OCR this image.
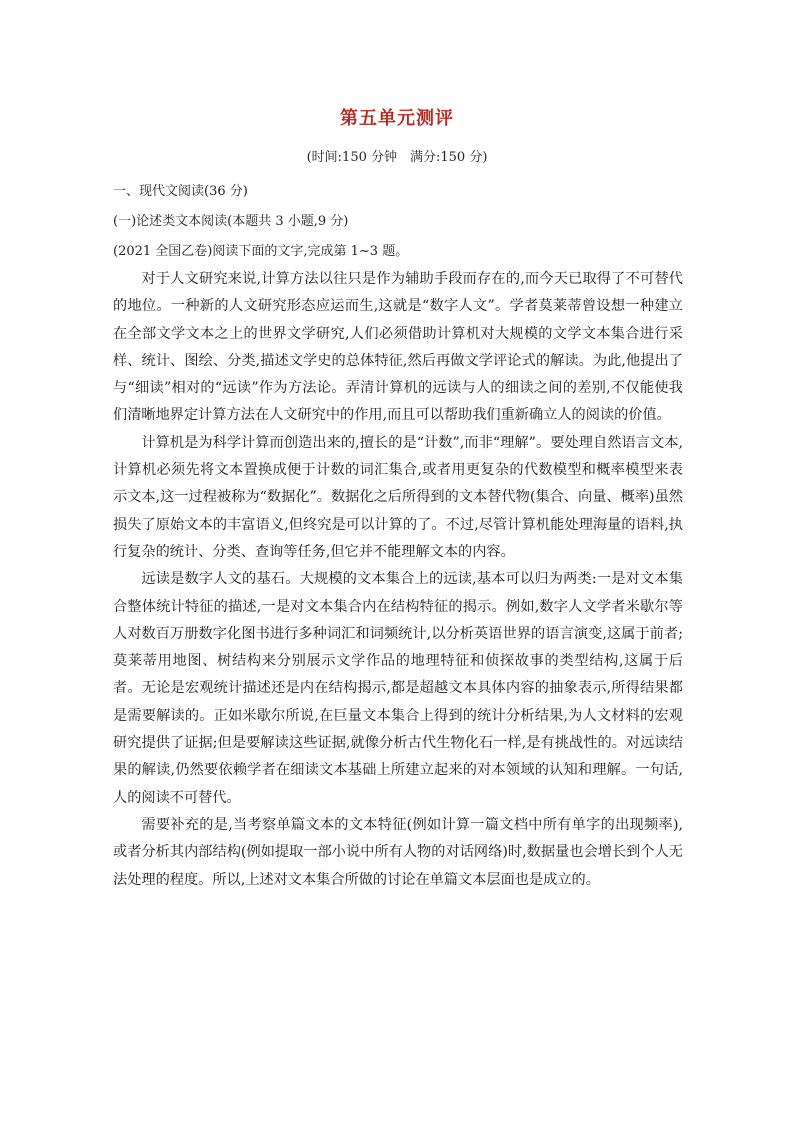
第五单元测评
(时间:150 分钟　满分:150 分)
一、现代文阅读(36 分)
(一)论述类文本阅读(本题共 3 小题,9 分)
(2021 全国乙卷)阅读下面的文字,完成第 1~3 题。

对于人文研究来说,计算方法以往只是作为辅助手段而存在的,而今天已取得了不可替代的地位。一种新的人文研究形态应运而生,这就是“数字人文”。学者莫莱蒂曾设想一种建立在全部文学文本之上的世界文学研究,人们必须借助计算机对大规模的文学文本集合进行采样、统计、图绘、分类,描述文学史的总体特征,然后再做文学评论式的解读。为此,他提出了与“细读”相对的“远读”作为方法论。弄清计算机的远读与人的细读之间的差别,不仅能使我们清晰地界定计算方法在人文研究中的作用,而且可以帮助我们重新确立人的阅读的价值。

计算机是为科学计算而创造出来的,擅长的是“计数”,而非“理解”。要处理自然语言文本,计算机必须先将文本置换成便于计数的词汇集合,或者用更复杂的代数模型和概率模型来表示文本,这一过程被称为“数据化”。数据化之后所得到的文本替代物(集合、向量、概率)虽然损失了原始文本的丰富语义,但终究是可以计算的了。不过,尽管计算机能处理海量的语料,执行复杂的统计、分类、查询等任务,但它并不能理解文本的内容。

远读是数字人文的基石。大规模的文本集合上的远读,基本可以归为两类:一是对文本集合整体统计特征的描述,一是对文本集合内在结构特征的揭示。例如,数字人文学者米歇尔等人对数百万册数字化图书进行多种词汇和词频统计,以分析英语世界的语言演变,这属于前者;莫莱蒂用地图、树结构来分别展示文学作品的地理特征和侦探故事的类型结构,这属于后者。无论是宏观统计描述还是内在结构揭示,都是超越文本具体内容的抽象表示,所得结果都是需要解读的。正如米歇尔所说,在巨量文本集合上得到的统计分析结果,为人文材料的宏观研究提供了证据;但是要解读这些证据,就像分析古代生物化石一样,是有挑战性的。对远读结果的解读,仍然要依赖学者在细读文本基础上所建立起来的对本领域的认知和理解。一句话,人的阅读不可替代。

需要补充的是,当考察单篇文本的文本特征(例如计算一篇文档中所有单字的出现频率),或者分析其内部结构(例如提取一部小说中所有人物的对话网络)时,数据量也会增长到个人无法处理的程度。所以,上述对文本集合所做的讨论在单篇文本层面也是成立的。
